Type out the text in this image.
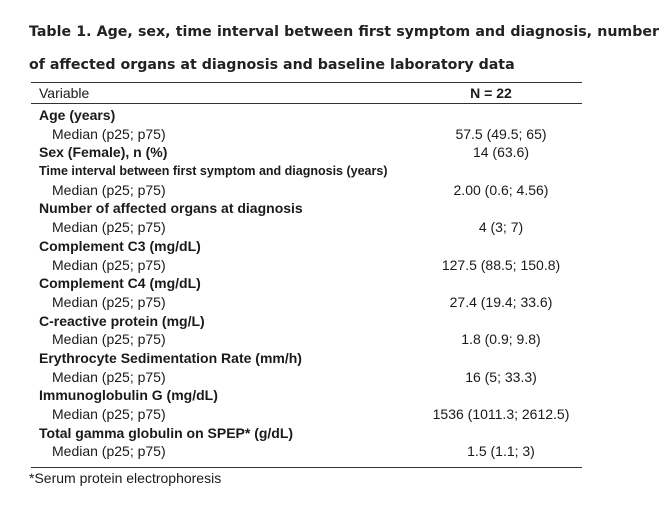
Table 1. Age, sex, time interval between first symptom and diagnosis, number of affected organs at diagnosis and baseline laboratory data
Variable	N = 22
Age (years)
Median (p25; p75)	57.5 (49.5; 65)
Sex (Female), n (%)	14 (63.6)
Time interval between first symptom and diagnosis (years)
Median (p25; p75)	2.00 (0.6; 4.56)
Number of affected organs at diagnosis
Median (p25; p75)	4 (3; 7)
Complement C3 (mg/dL)
Median (p25; p75)	127.5 (88.5; 150.8)
Complement C4 (mg/dL)
Median (p25; p75)	27.4 (19.4; 33.6)
C-reactive protein (mg/L)
Median (p25; p75)	1.8 (0.9; 9.8)
Erythrocyte Sedimentation Rate (mm/h)
Median (p25; p75)	16 (5; 33.3)
Immunoglobulin G (mg/dL)
Median (p25; p75)	1536 (1011.3; 2612.5)
Total gamma globulin on SPEP* (g/dL)
Median (p25; p75)	1.5 (1.1; 3)
*Serum protein electrophoresis
